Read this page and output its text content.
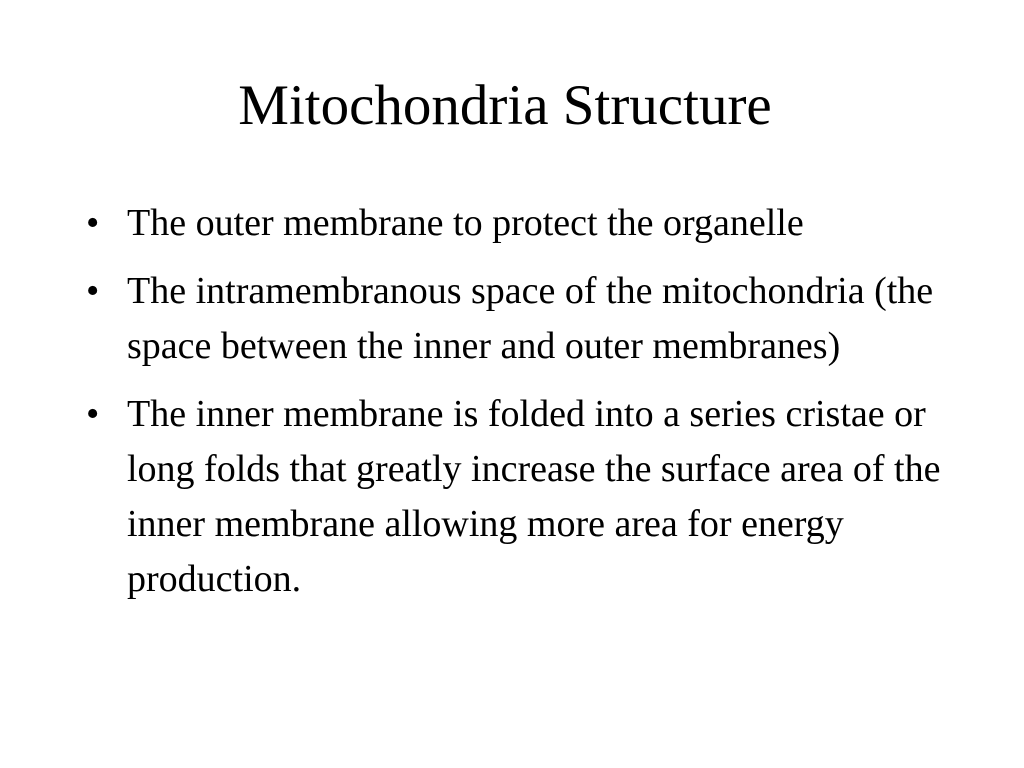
Mitochondria Structure
• The outer membrane to protect the organelle
• The intramembranous space of the mitochondria (the space between the inner and outer membranes)
• The inner membrane is folded into a series cristae or long folds that greatly increase the surface area of the inner membrane allowing more area for energy production.
